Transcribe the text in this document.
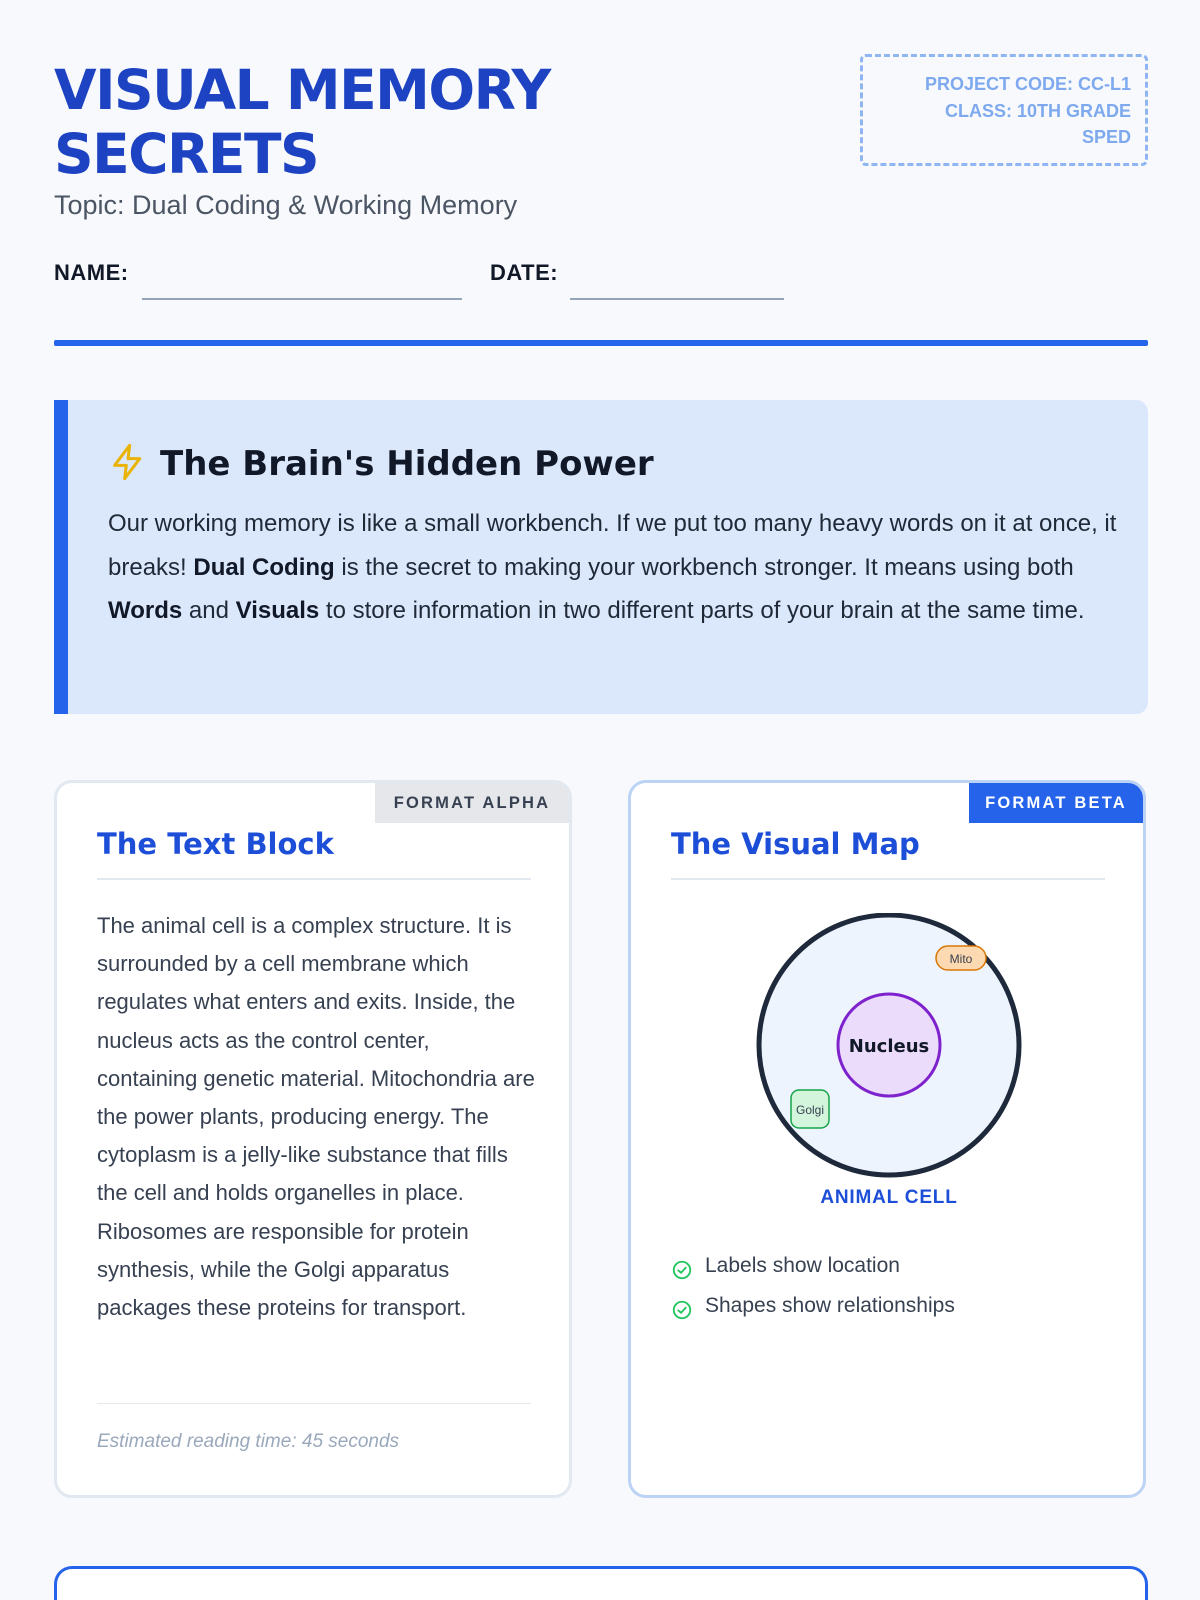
VISUAL MEMORY SECRETS
Topic: Dual Coding & Working Memory
PROJECT CODE: CC-L1
CLASS: 10TH GRADE
SPED
NAME:	DATE:
The Brain's Hidden Power

Our working memory is like a small workbench. If we put too many heavy words on it at once, it breaks! Dual Coding is the secret to making your workbench stronger. It means using both Words and Visuals to store information in two different parts of your brain at the same time.

FORMAT ALPHA
The Text Block

The animal cell is a complex structure. It is surrounded by a cell membrane which regulates what enters and exits. Inside, the nucleus acts as the control center, containing genetic material. Mitochondria are the power plants, producing energy. The cytoplasm is a jelly-like substance that fills the cell and holds organelles in place. Ribosomes are responsible for protein synthesis, while the Golgi apparatus packages these proteins for transport.

Estimated reading time: 45 seconds
FORMAT BETA
The Visual Map
Nucleus
Mito
Golgi
ANIMAL CELL
Labels show location
Shapes show relationships
